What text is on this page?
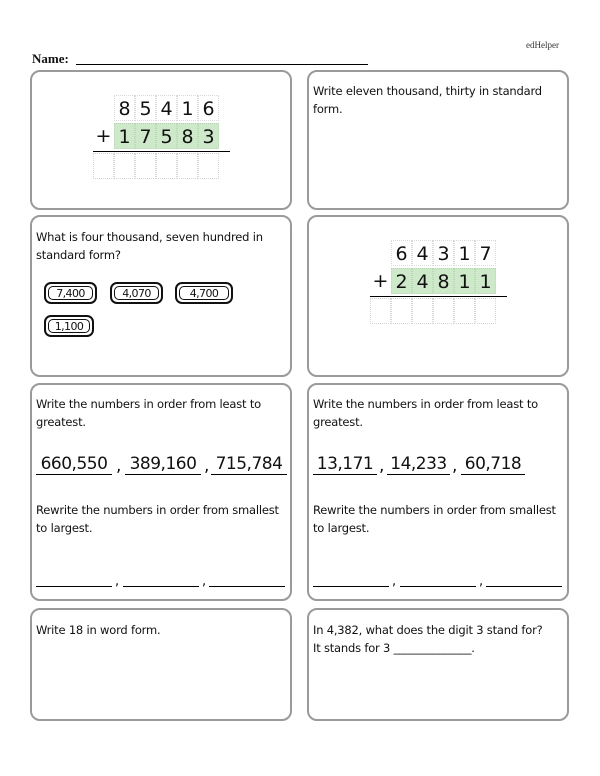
edHelper
Name:
8 5 4 1 6
+ 1 7 5 8 3
Write eleven thousand, thirty in standard form.
What is four thousand, seven hundred in standard form?
7,400	4,070	4,700
1,100
6 4 3 1 7
+ 2 4 8 1 1
Write the numbers in order from least to greatest.
660,550 , 389,160 , 715,784
Rewrite the numbers in order from smallest to largest.
,	,
Write the numbers in order from least to greatest.
13,171 , 14,233 , 60,718
Rewrite the numbers in order from smallest to largest.
,	,
Write 18 in word form.	In 4,382, what does the digit 3 stand for?
It stands for 3 ______________.
